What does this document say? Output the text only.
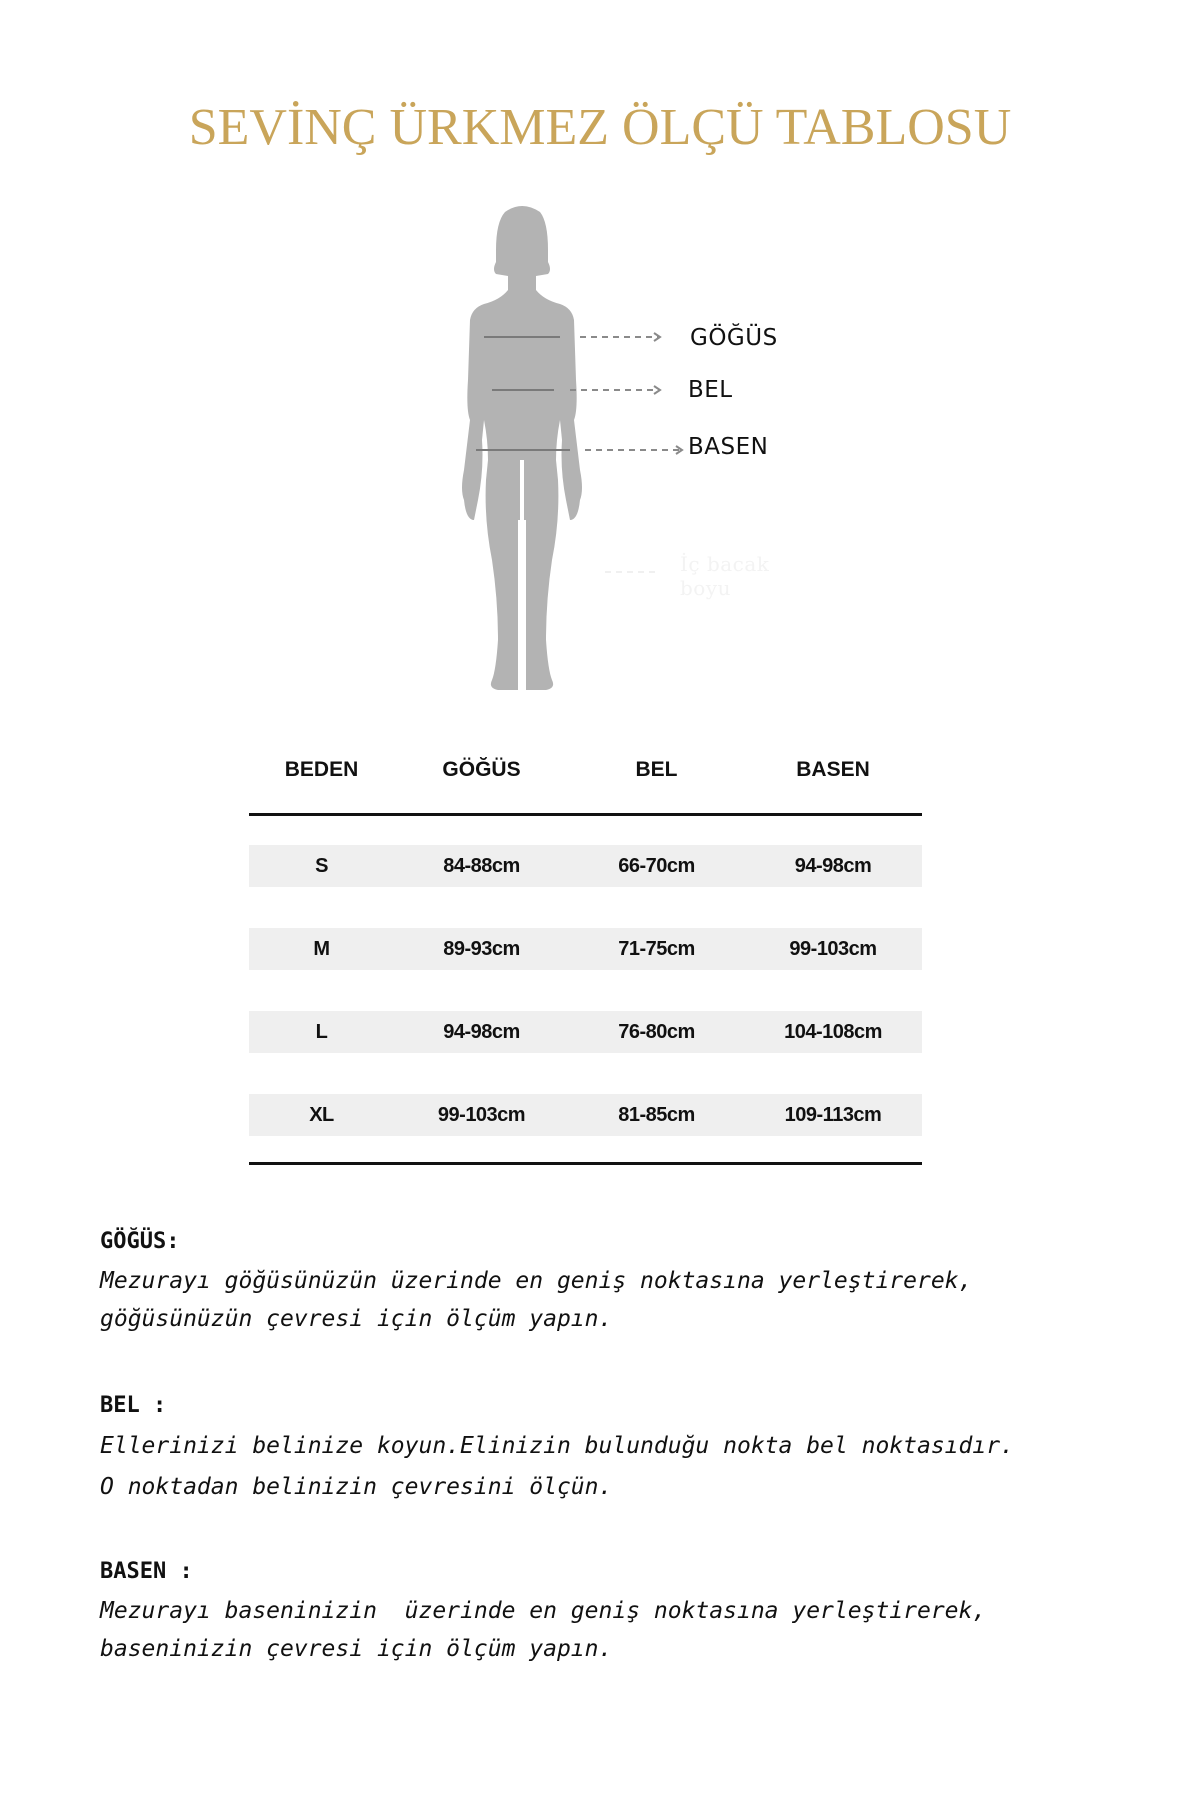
SEVİNÇ ÜRKMEZ ÖLÇÜ TABLOSU
GÖĞÜS
BEL
BASEN
İç bacak
boyu
BEDEN	GÖĞÜS	BEL	BASEN
S	84-88cm	66-70cm	94-98cm
M	89-93cm	71-75cm	99-103cm
L	94-98cm	76-80cm	104-108cm
XL	99-103cm	81-85cm	109-113cm
GÖĞÜS:
Mezurayı göğüsünüzün üzerinde en geniş noktasına yerleştirerek,
göğüsünüzün çevresi için ölçüm yapın.
BEL :
Ellerinizi belinize koyun.Elinizin bulunduğu nokta bel noktasıdır.
O noktadan belinizin çevresini ölçün.
BASEN :
Mezurayı baseninizin  üzerinde en geniş noktasına yerleştirerek,
baseninizin çevresi için ölçüm yapın.
